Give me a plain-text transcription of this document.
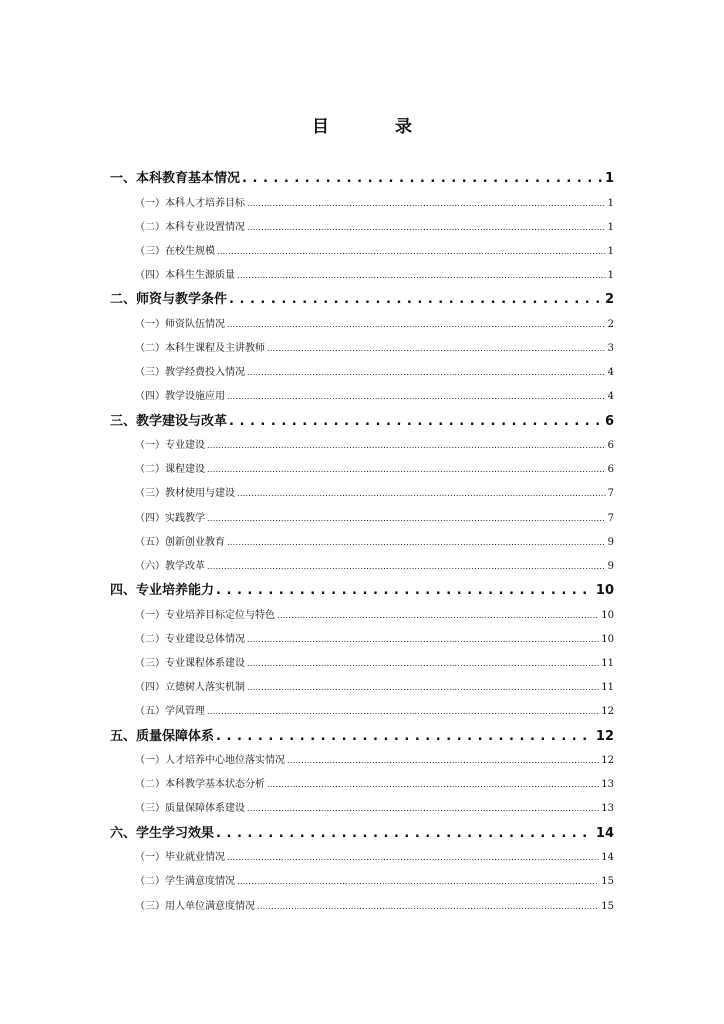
目 录
一、本科教育基本情况 . . .	1
（一）本科人才培养目标 .....	1
（二）本科专业设置情况 .....	1
（三）在校生规模 .....	1
（四）本科生生源质量 .....	1
二、师资与教学条件 . . .	2
（一）师资队伍情况 .....	2
（二）本科生课程及主讲教师 .....	3
（三）教学经费投入情况 .....	4
（四）教学设施应用 .....	4
三、教学建设与改革 . . .	6
（一）专业建设 .....	6
（二）课程建设 .....	6
（三）教材使用与建设 .....	7
（四）实践教学 .....	7
（五）创新创业教育 .....	9
（六）教学改革 .....	9
四、专业培养能力 . . .	10
（一）专业培养目标定位与特色 .....	10
（二）专业建设总体情况 .....	10
（三）专业课程体系建设 .....	11
（四）立德树人落实机制 .....	11
（五）学风管理 .....	12
五、质量保障体系 . . .	12
（一）人才培养中心地位落实情况 .....	12
（二）本科教学基本状态分析 .....	13
（三）质量保障体系建设 .....	13
六、学生学习效果 . . .	14
（一）毕业就业情况 .....	14
（二）学生满意度情况 .....	15
（三）用人单位满意度情况 .....	15
